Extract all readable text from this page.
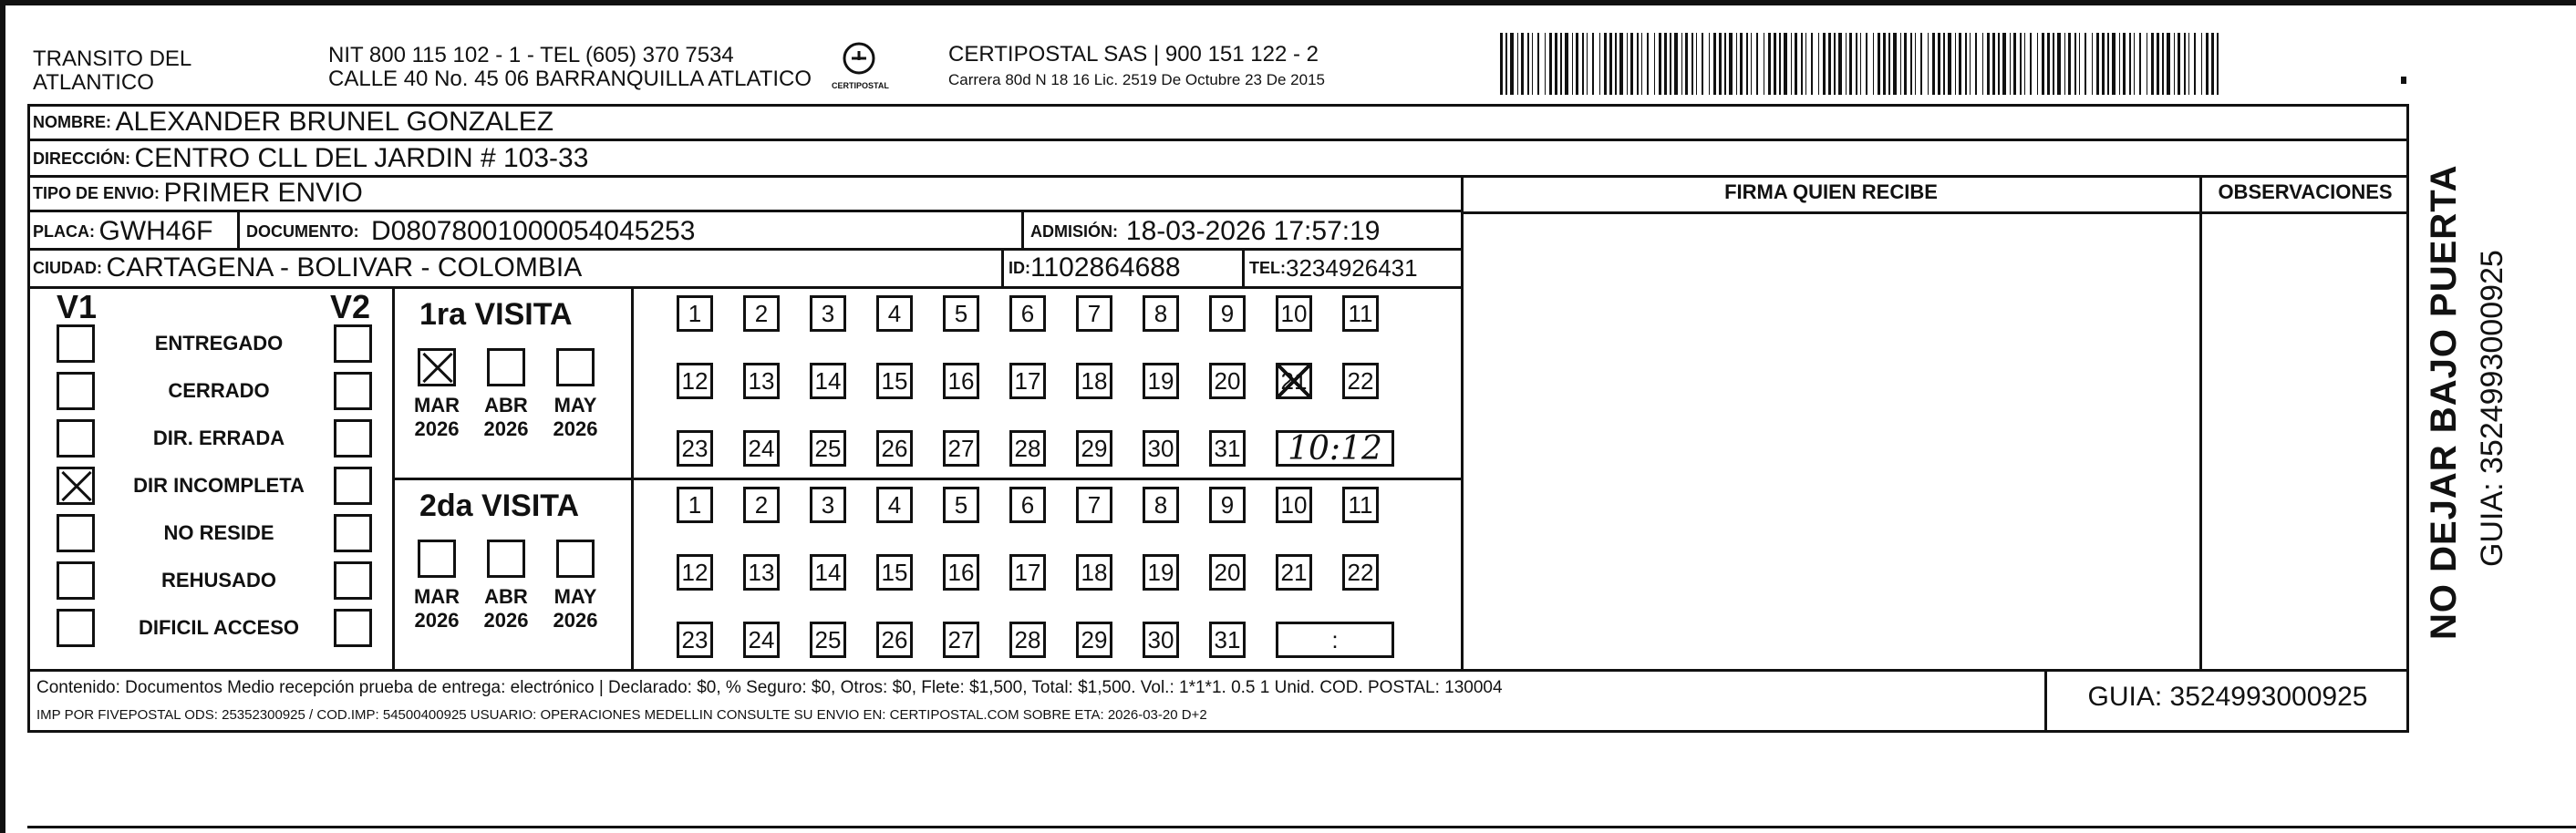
TRANSITO DEL
ATLANTICO
NIT 800 115 102 - 1 - TEL (605) 370 7534
CALLE 40 No. 45 06 BARRANQUILLA ATLATICO CERTIPOSTAL
CERTIPOSTAL SAS | 900 151 122 - 2
Carrera 80d N 18 16 Lic. 2519 De Octubre 23 De 2015
NOMBRE:
ALEXANDER BRUNEL GONZALEZ
DIRECCIÓN:
CENTRO CLL DEL JARDIN # 103-33
TIPO DE ENVIO:
PRIMER ENVIO	FIRMA QUIEN RECIBE	OBSERVACIONES
PLACA:
GWH46F DOCUMENTO:
D08078001000054045253	ADMISIÓN:
18-03-2026 17:57:19
CIUDAD:
CARTAGENA - BOLIVAR - COLOMBIA	ID: 1102864688	TEL: 3234926431
V1	V2
ENTREGADO
CERRADO
DIR. ERRADA
DIR INCOMPLETA
NO RESIDE
REHUSADO
DIFICIL ACCESO
1ra VISITA
2da VISITA
MAR
2026
ABR
2026
MAY
2026
1	2	3	4	5	6	7	8	9	10 11
12 13 14 15 16 17 18 19 20 21 22
23 24 25 26 27 28 29 30 31	10:12
MAR
2026
ABR
2026
MAY
2026
1	2	3	4	5	6	7	8	9	10 11
12 13 14 15 16 17 18 19 20 21 22
23 24 25 26 27 28 29 30 31	:
Contenido: Documentos Medio recepción prueba de entrega: electrónico | Declarado: $0, % Seguro: $0, Otros: $0, Flete: $1,500, Total: $1,500. Vol.: 1*1*1. 0.5 1 Unid. COD. POSTAL: 130004
IMP POR FIVEPOSTAL ODS: 25352300925 / COD.IMP: 54500400925 USUARIO: OPERACIONES MEDELLIN CONSULTE SU ENVIO EN: CERTIPOSTAL.COM SOBRE ETA: 2026-03-20 D+2
GUIA: 3524993000925
NO DEJAR BAJO PUERTA GUIA: 3524993000925
